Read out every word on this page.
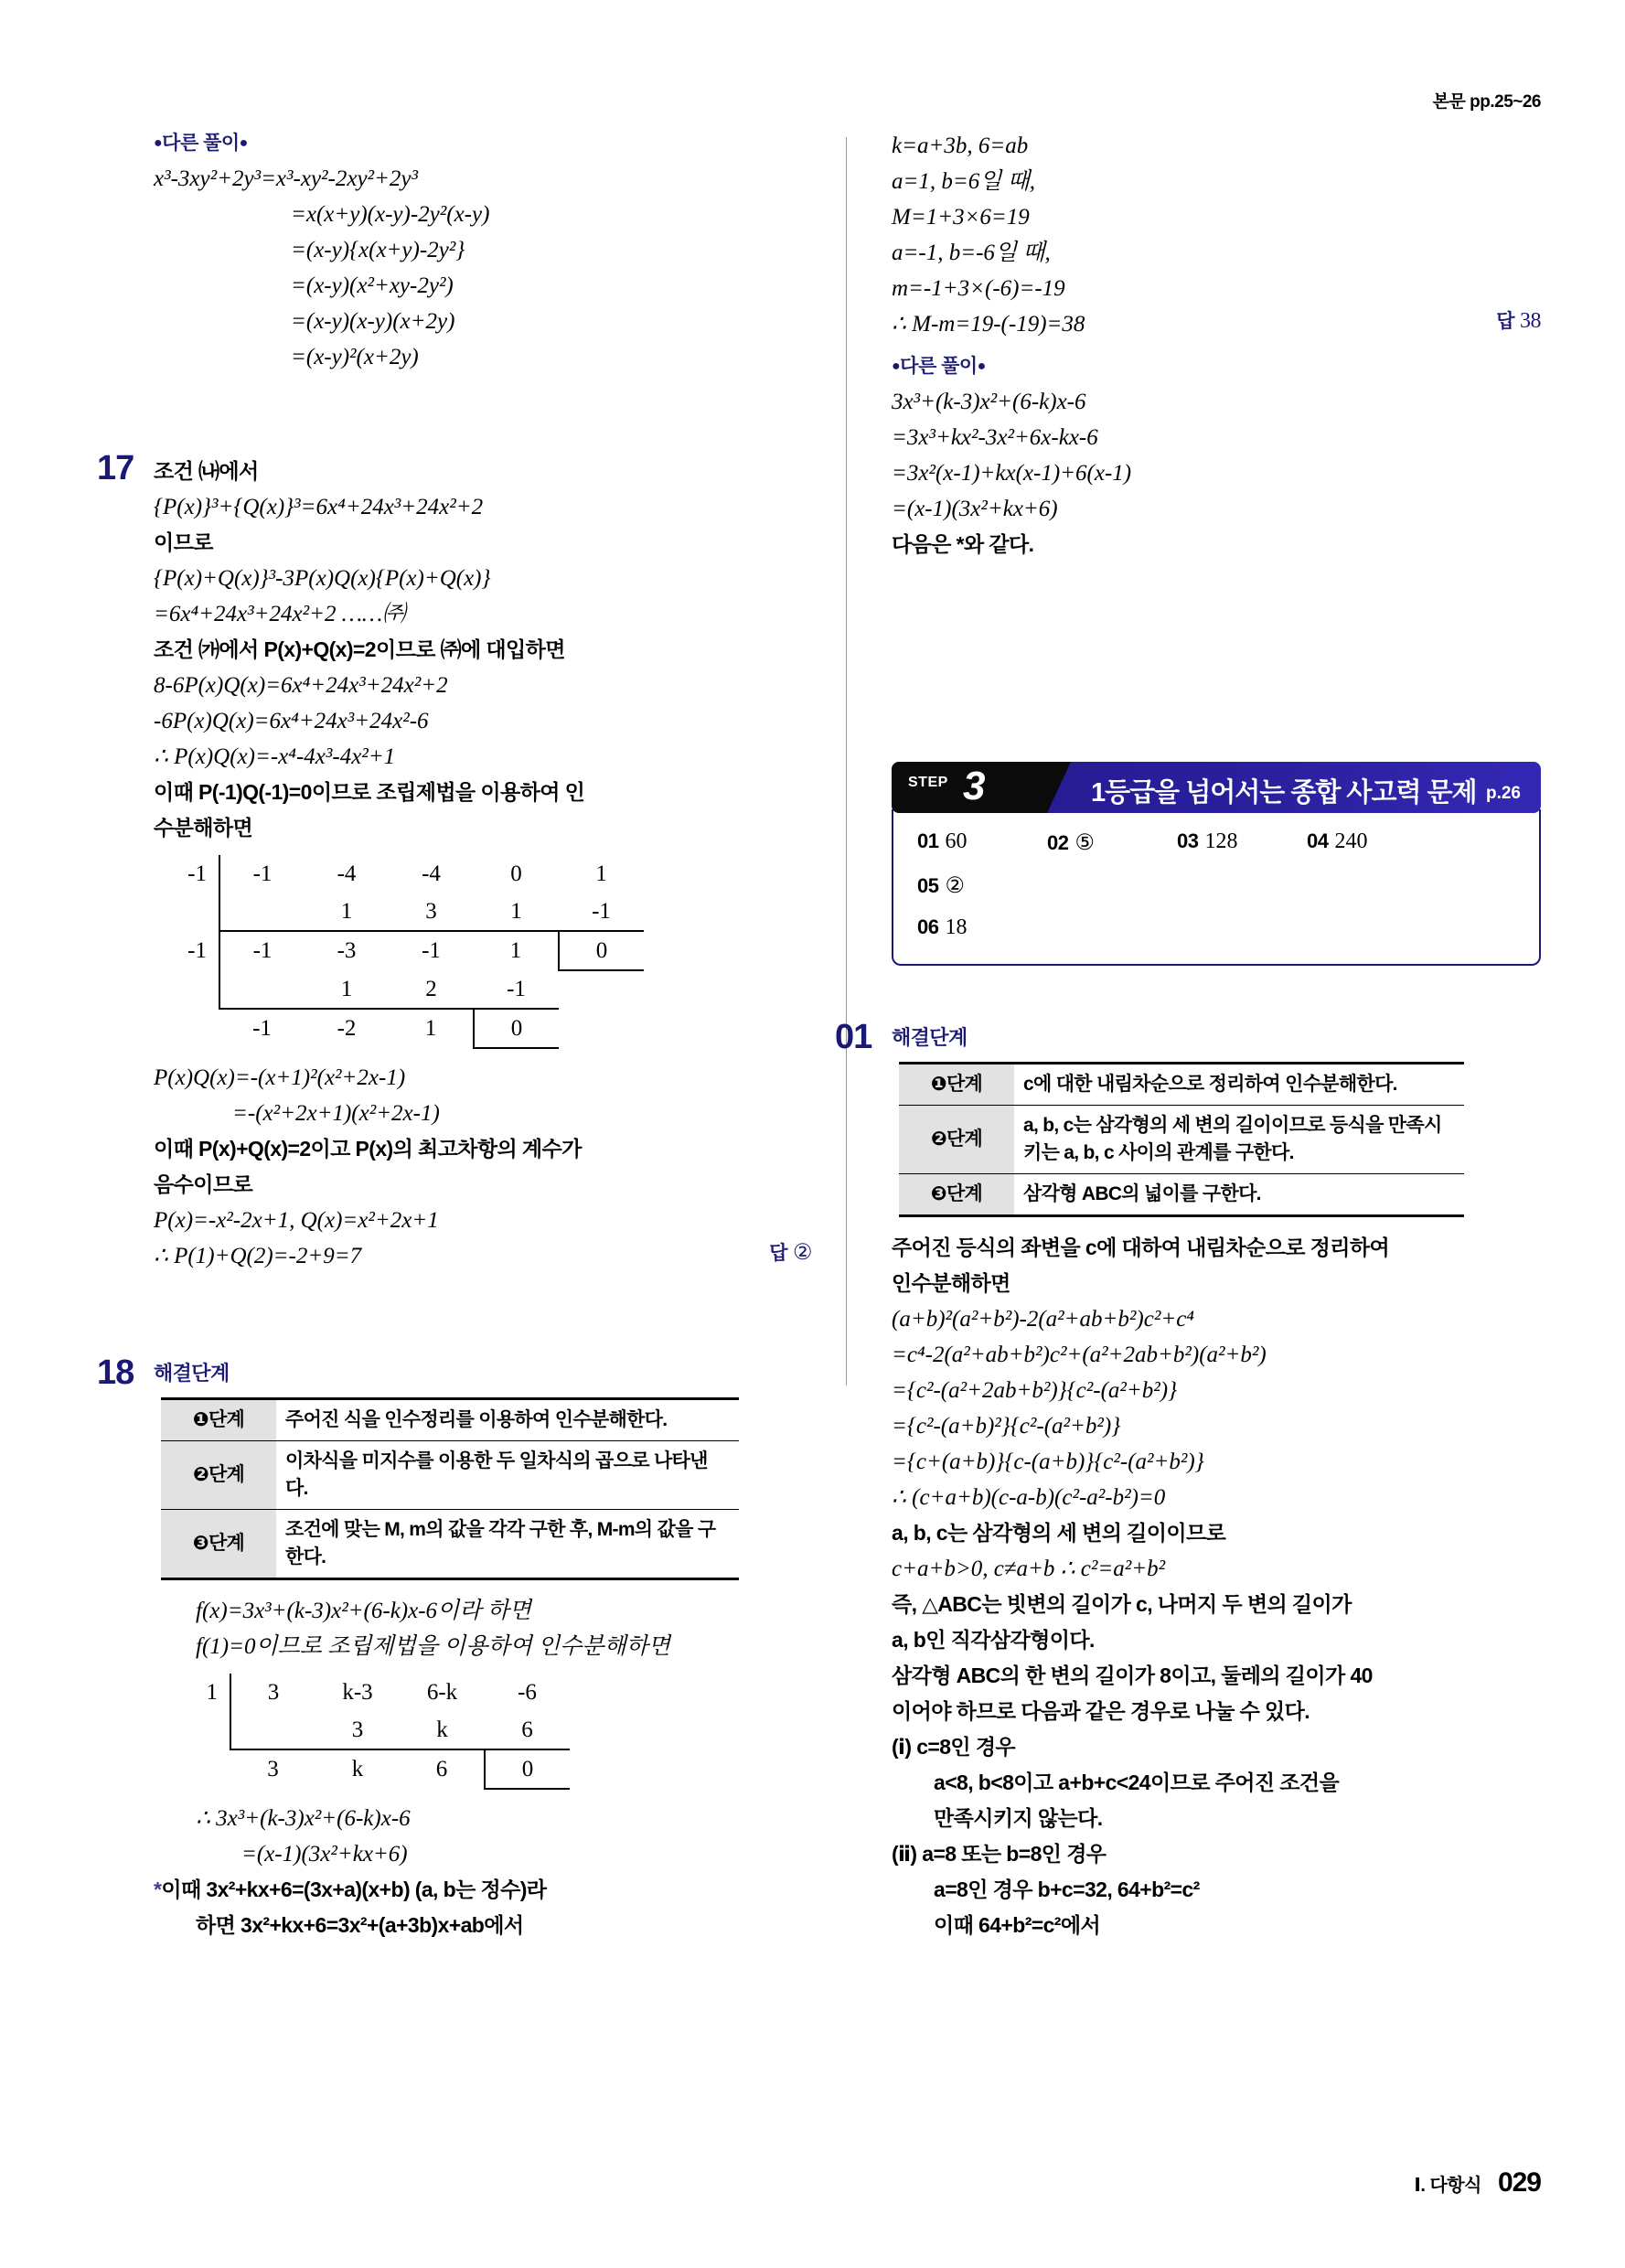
본문 pp.25~26
●다른 풀이●
x³-3xy²+2y³=x³-xy²-2xy²+2y³
=x(x+y)(x-y)-2y²(x-y)
=(x-y){x(x+y)-2y²}
=(x-y)(x²+xy-2y²)
=(x-y)(x-y)(x+2y)
=(x-y)²(x+2y)
17 조건 ㈏에서
{P(x)}³+{Q(x)}³=6x⁴+24x³+24x²+2
이므로
{P(x)+Q(x)}³-3P(x)Q(x){P(x)+Q(x)}
=6x⁴+24x³+24x²+2 ……㈜
조건 ㈎에서 P(x)+Q(x)=2이므로 ㈜에 대입하면
8-6P(x)Q(x)=6x⁴+24x³+24x²+2
-6P(x)Q(x)=6x⁴+24x³+24x²-6
∴ P(x)Q(x)=-x⁴-4x³-4x²+1
이때 P(-1)Q(-1)=0이므로 조립제법을 이용하여 인
수분해하면
-1	-1	-4	-4	0	1
		1	3	1	-1
-1	-1	-3	-1	1	0
		1	2	-1	
	-1	-2	1	0	
P(x)Q(x)=-(x+1)²(x²+2x-1)
=-(x²+2x+1)(x²+2x-1)
이때 P(x)+Q(x)=2이고 P(x)의 최고차항의 계수가
음수이므로
P(x)=-x²-2x+1, Q(x)=x²+2x+1
답 ②
∴ P(1)+Q(2)=-2+9=7
18 해결단계
❶단계	주어진 식을 인수정리를 이용하여 인수분해한다.
❷단계	이차식을 미지수를 이용한 두 일차식의 곱으로 나타낸다.
❸단계	조건에 맞는 M, m의 값을 각각 구한 후, M-m의 값을 구한다.
f(x)=3x³+(k-3)x²+(6-k)x-6이라 하면
f(1)=0이므로 조립제법을 이용하여 인수분해하면
1	3	k-3	6-k	-6
		3	k	6
	3	k	6	0
∴ 3x³+(k-3)x²+(6-k)x-6
=(x-1)(3x²+kx+6)
*이때 3x²+kx+6=(3x+a)(x+b) (a, b는 정수)라
하면 3x²+kx+6=3x²+(a+3b)x+ab에서
k=a+3b, 6=ab
a=1, b=6일 때,
M=1+3×6=19
a=-1, b=-6일 때,
m=-1+3×(-6)=-19
답 38
∴ M-m=19-(-19)=38
●다른 풀이●
3x³+(k-3)x²+(6-k)x-6
=3x³+kx²-3x²+6x-kx-6
=3x²(x-1)+kx(x-1)+6(x-1)
=(x-1)(3x²+kx+6)
다음은 *와 같다.
STEP 3	1등급을 넘어서는 종합 사고력 문제 p.26
01 60	02 ⑤	03 128	04 240
05 ②
06 18
01 해결단계
❶단계	c에 대한 내림차순으로 정리하여 인수분해한다.
❷단계	a, b, c는 삼각형의 세 변의 길이이므로 등식을 만족시키는 a, b, c 사이의 관계를 구한다.
❸단계	삼각형 ABC의 넓이를 구한다.
주어진 등식의 좌변을 c에 대하여 내림차순으로 정리하여
인수분해하면
(a+b)²(a²+b²)-2(a²+ab+b²)c²+c⁴
=c⁴-2(a²+ab+b²)c²+(a²+2ab+b²)(a²+b²)
={c²-(a²+2ab+b²)}{c²-(a²+b²)}
={c²-(a+b)²}{c²-(a²+b²)}
={c+(a+b)}{c-(a+b)}{c²-(a²+b²)}
∴ (c+a+b)(c-a-b)(c²-a²-b²)=0
a, b, c는 삼각형의 세 변의 길이이므로
c+a+b>0, c≠a+b ∴ c²=a²+b²
즉, △ABC는 빗변의 길이가 c, 나머지 두 변의 길이가
a, b인 직각삼각형이다.
삼각형 ABC의 한 변의 길이가 8이고, 둘레의 길이가 40
이어야 하므로 다음과 같은 경우로 나눌 수 있다.
(ⅰ) c=8인 경우
a<8, b<8이고 a+b+c<24이므로 주어진 조건을
만족시키지 않는다.
(ⅱ) a=8 또는 b=8인 경우
a=8인 경우 b+c=32, 64+b²=c²
이때 64+b²=c²에서
Ⅰ. 다항식 029
